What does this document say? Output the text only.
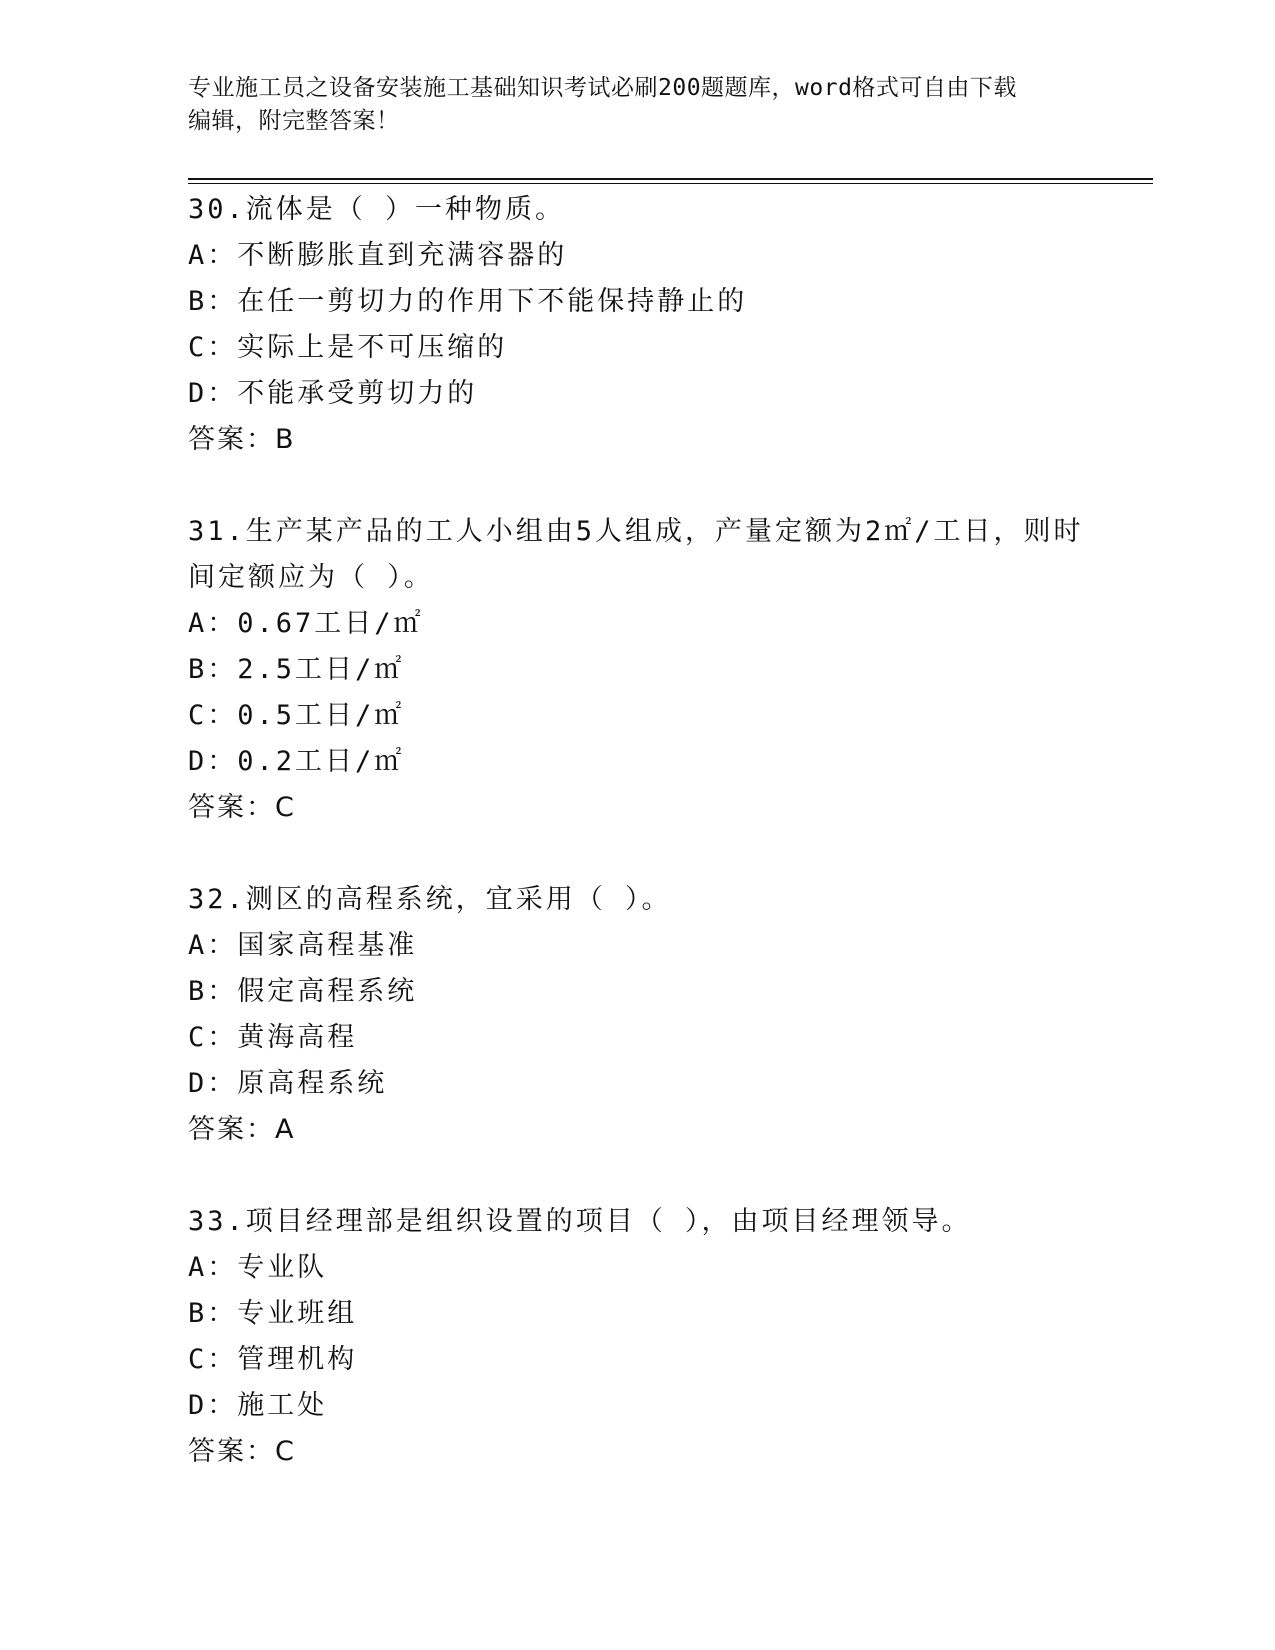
专业施工员之设备安装施工基础知识考试必刷200题题库，word格式可自由下载
编辑，附完整答案！
30.流体是（ ）一种物质。
A：不断膨胀直到充满容器的
B：在任一剪切力的作用下不能保持静止的
C：实际上是不可压缩的
D：不能承受剪切力的
答案：B
31.生产某产品的工人小组由5人组成，产量定额为2㎡/工日，则时间定额应为（ ）。
A：0.67工日/㎡
B：2.5工日/㎡
C：0.5工日/㎡
D：0.2工日/㎡
答案：C
32.测区的高程系统，宜采用（ ）。
A：国家高程基准
B：假定高程系统
C：黄海高程
D：原高程系统
答案：A
33.项目经理部是组织设置的项目（ ），由项目经理领导。
A：专业队
B：专业班组
C：管理机构
D：施工处
答案：C
